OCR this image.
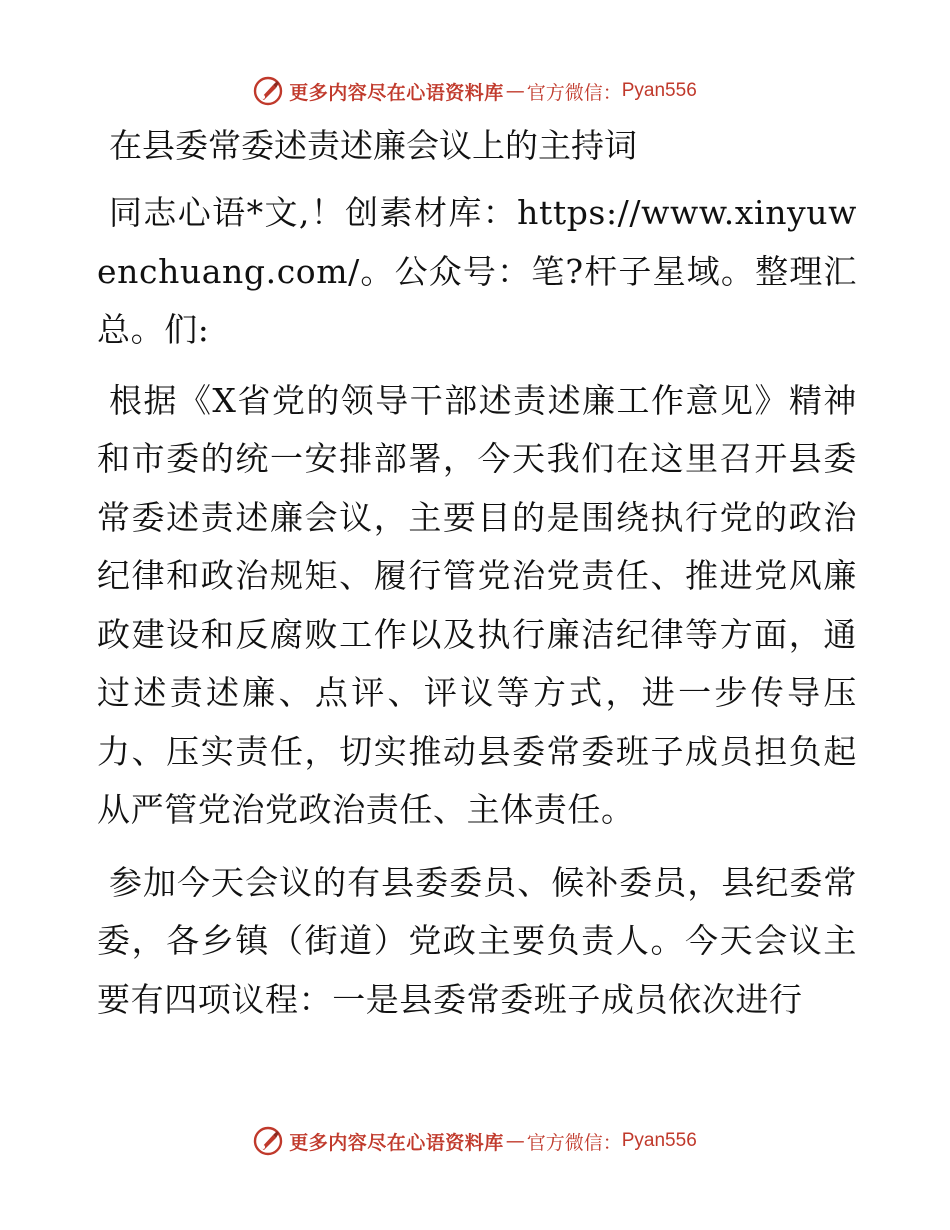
更多内容尽在心语资料库 — 官方微信： Pyan556
在县委常委述责述廉会议上的主持词

同志心语*文,！创素材库：https://www.xinyuwenchuang.com/。公众号：笔?杆子星域。整理汇总。们:

根据《X省党的领导干部述责述廉工作意见》精神和市委的统一安排部署，今天我们在这里召开县委常委述责述廉会议，主要目的是围绕执行党的政治纪律和政治规矩、履行管党治党责任、推进党风廉政建设和反腐败工作以及执行廉洁纪律等方面，通过述责述廉、点评、评议等方式，进一步传导压力、压实责任，切实推动县委常委班子成员担负起从严管党治党政治责任、主体责任。

参加今天会议的有县委委员、候补委员，县纪委常委，各乡镇（街道）党政主要负责人。今天会议主要有四项议程：一是县委常委班子成员依次进行

更多内容尽在心语资料库 — 官方微信： Pyan556
